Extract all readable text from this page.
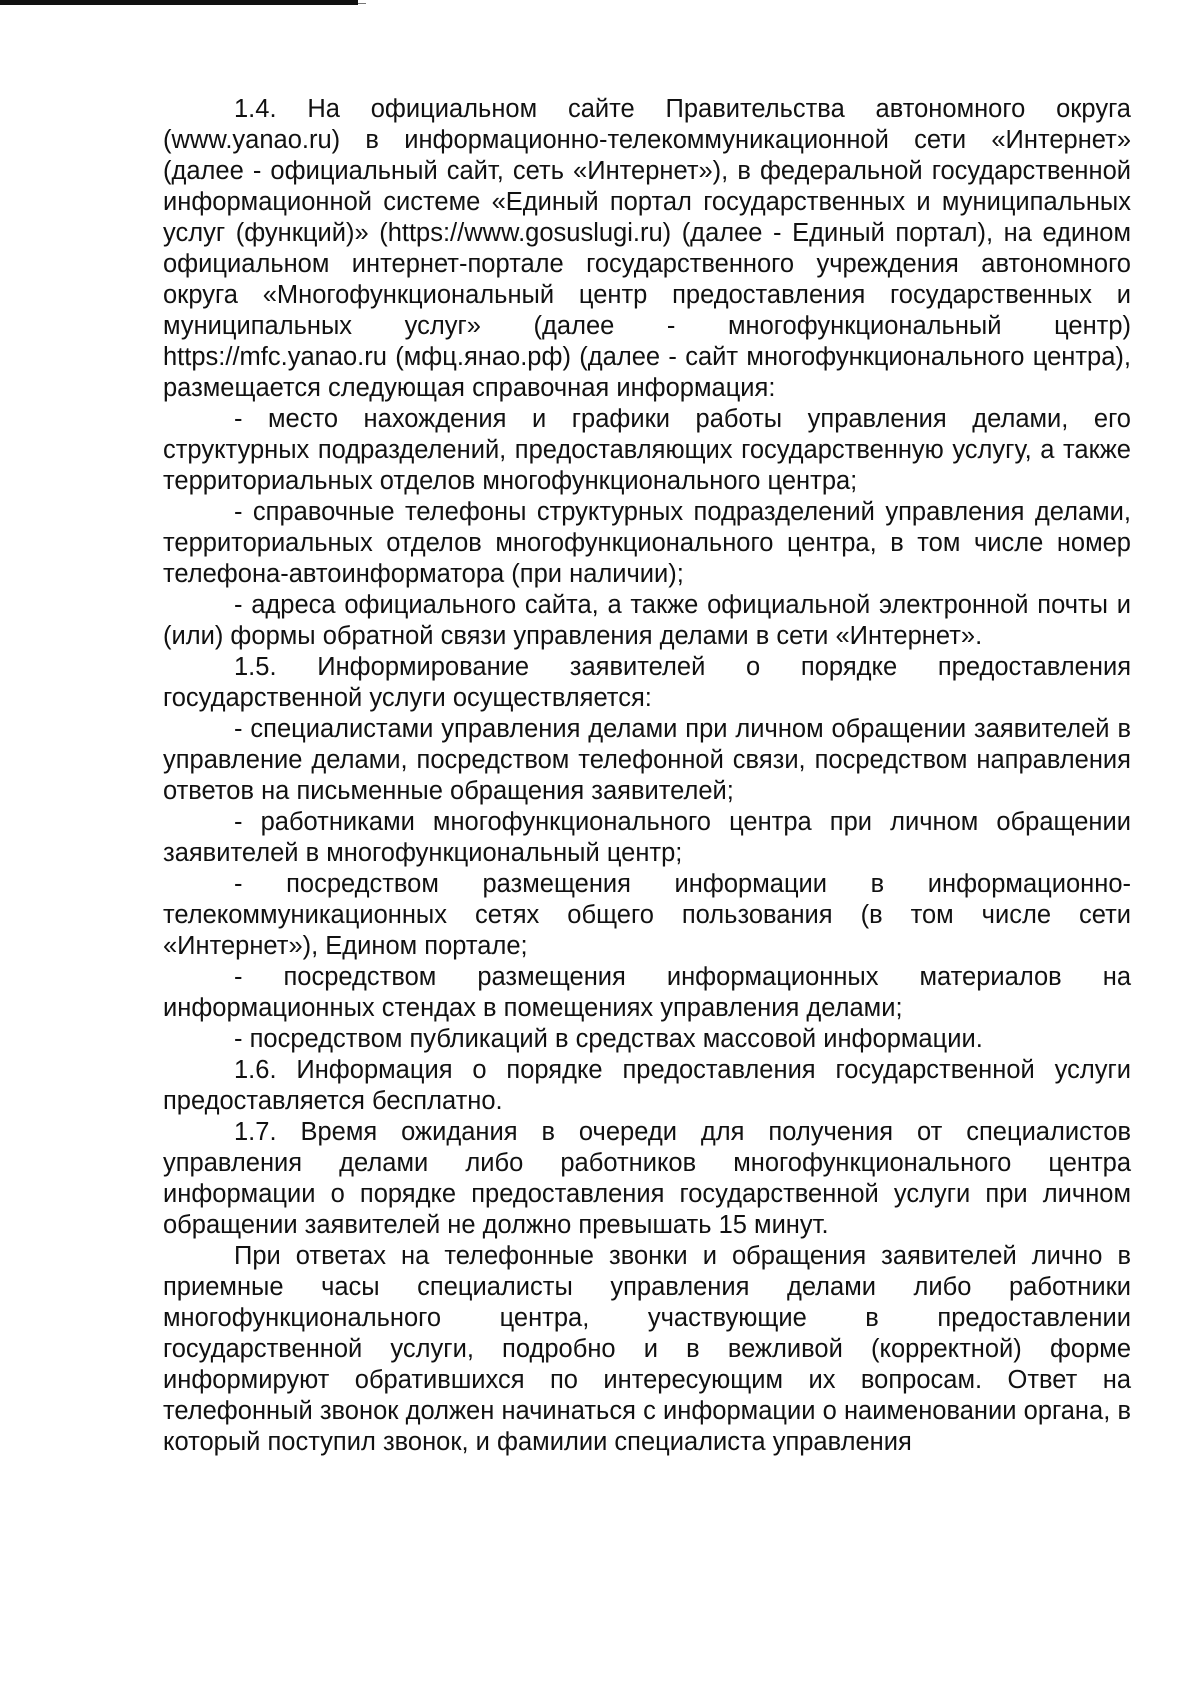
1.4. На официальном сайте Правительства автономного округа (www.yanao.ru) в информационно-телекоммуникационной сети «Интернет» (далее - официальный сайт, сеть «Интернет»), в федеральной государственной информационной системе «Единый портал государственных и муниципальных услуг (функций)» (https://www.gosuslugi.ru) (далее - Единый портал), на едином официальном интернет-портале государственного учреждения автономного округа «Многофункциональный центр предоставления государственных и муниципальных услуг» (далее - многофункциональный центр) https://mfc.yanao.ru (мфц.янао.рф) (далее - сайт многофункционального центра), размещается следующая справочная информация:

- место нахождения и графики работы управления делами, его структурных подразделений, предоставляющих государственную услугу, а также территориальных отделов многофункционального центра;

- справочные телефоны структурных подразделений управления делами, территориальных отделов многофункционального центра, в том числе номер телефона-автоинформатора (при наличии);

- адреса официального сайта, а также официальной электронной почты и (или) формы обратной связи управления делами в сети «Интернет».

1.5. Информирование заявителей о порядке предоставления государственной услуги осуществляется:

- специалистами управления делами при личном обращении заявителей в управление делами, посредством телефонной связи, посредством направления ответов на письменные обращения заявителей;

- работниками многофункционального центра при личном обращении заявителей в многофункциональный центр;

- посредством размещения информации в информационно-телекоммуникационных сетях общего пользования (в том числе сети «Интернет»), Едином портале;

- посредством размещения информационных материалов на информационных стендах в помещениях управления делами;

- посредством публикаций в средствах массовой информации.

1.6. Информация о порядке предоставления государственной услуги предоставляется бесплатно.

1.7. Время ожидания в очереди для получения от специалистов управления делами либо работников многофункционального центра информации о порядке предоставления государственной услуги при личном обращении заявителей не должно превышать 15 минут.

При ответах на телефонные звонки и обращения заявителей лично в приемные часы специалисты управления делами либо работники многофункционального центра, участвующие в предоставлении государственной услуги, подробно и в вежливой (корректной) форме информируют обратившихся по интересующим их вопросам. Ответ на телефонный звонок должен начинаться с информации о наименовании органа, в который поступил звонок, и фамилии специалиста управления
